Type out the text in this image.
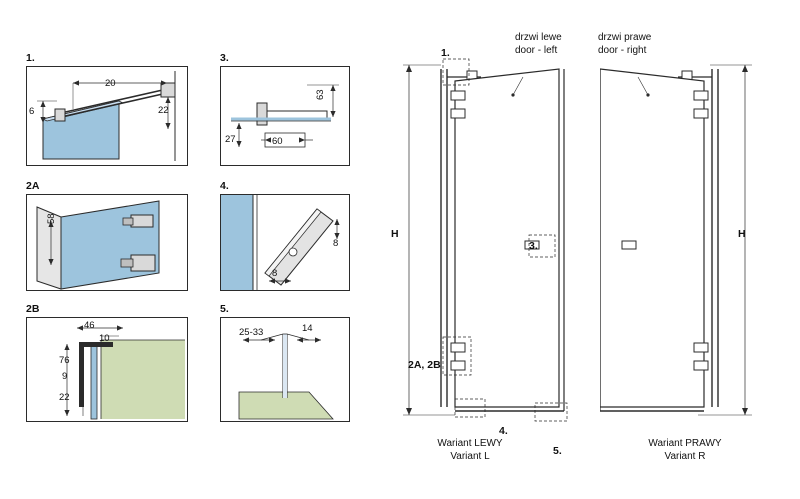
1.
20
6	22
2A
58
2B
46
10
76
9
22
3.
63
27	60
4.
8
8
5.
25-33	14
drzwi lewe
door - left
drzwi prawe
door - right
1.
3.
2A, 2B
4.
5.
H	H
Wariant LEWY
Variant L
Wariant PRAWY
Variant R
